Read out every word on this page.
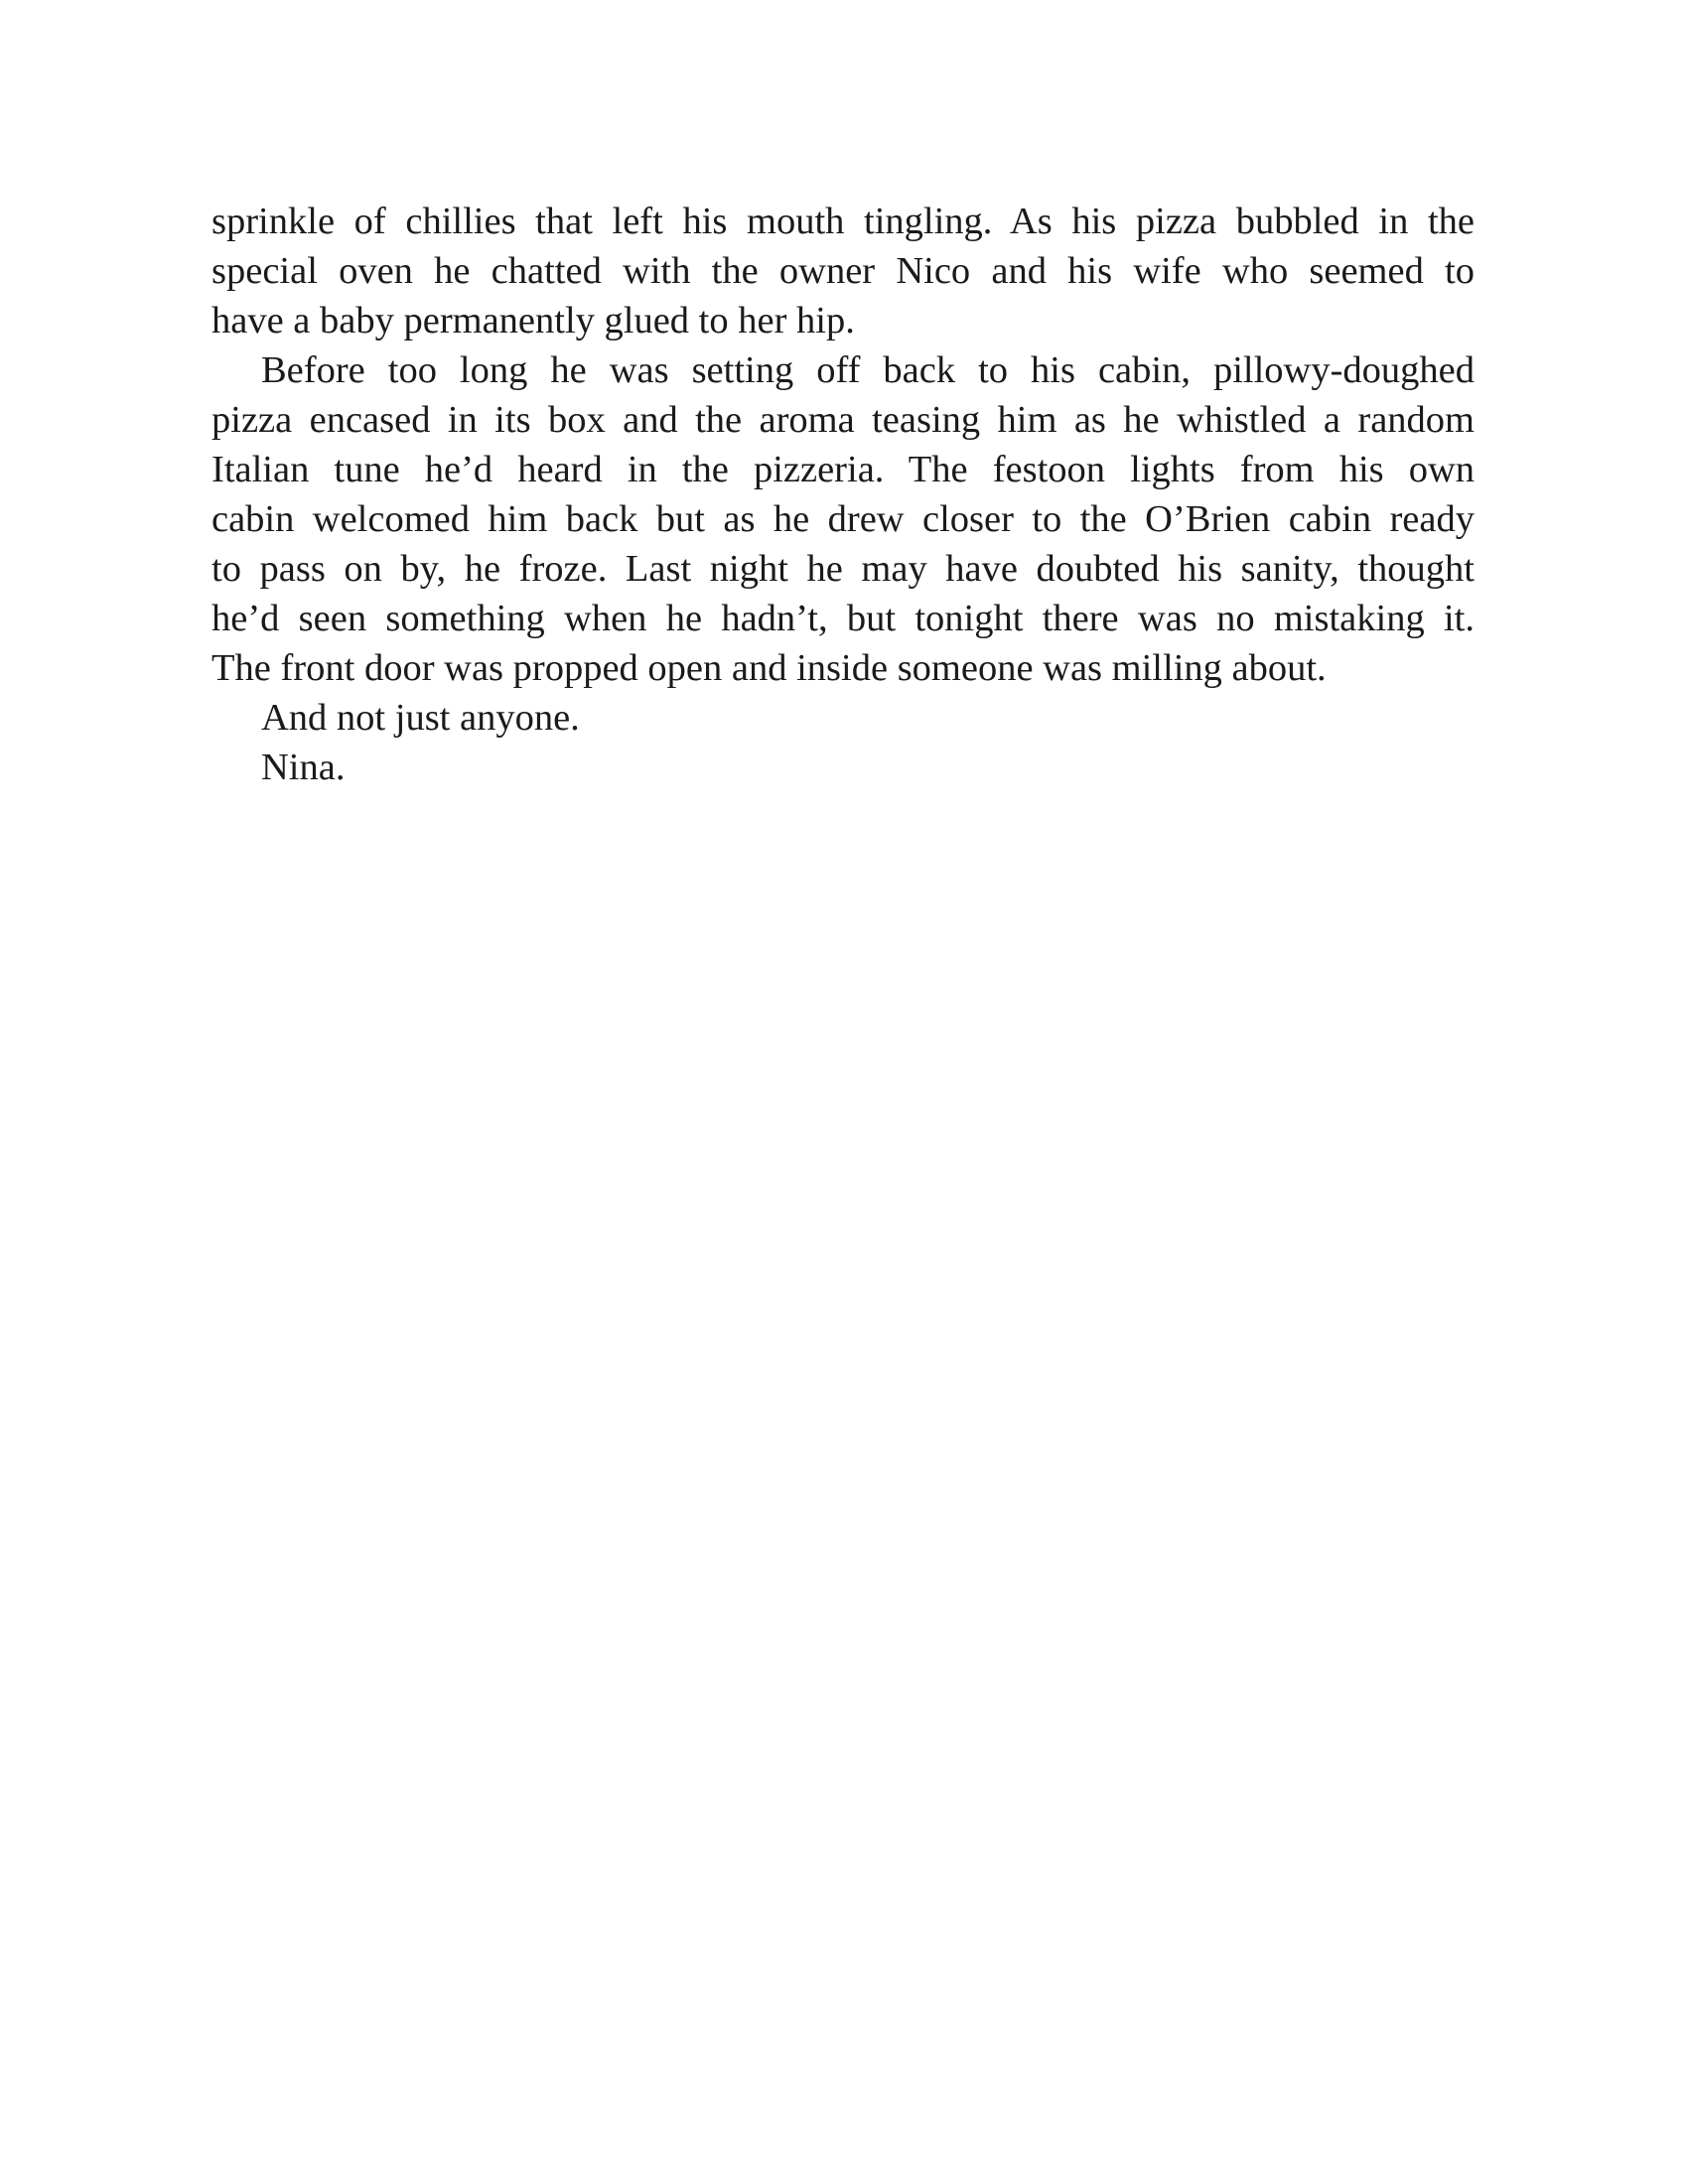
sprinkle of chillies that left his mouth tingling. As his pizza bubbled in the
special oven he chatted with the owner Nico and his wife who seemed to
have a baby permanently glued to her hip.
Before too long he was setting off back to his cabin, pillowy-doughed
pizza encased in its box and the aroma teasing him as he whistled a random
Italian tune he’d heard in the pizzeria. The festoon lights from his own
cabin welcomed him back but as he drew closer to the O’Brien cabin ready
to pass on by, he froze. Last night he may have doubted his sanity, thought
he’d seen something when he hadn’t, but tonight there was no mistaking it.
The front door was propped open and inside someone was milling about.
And not just anyone.
Nina.
